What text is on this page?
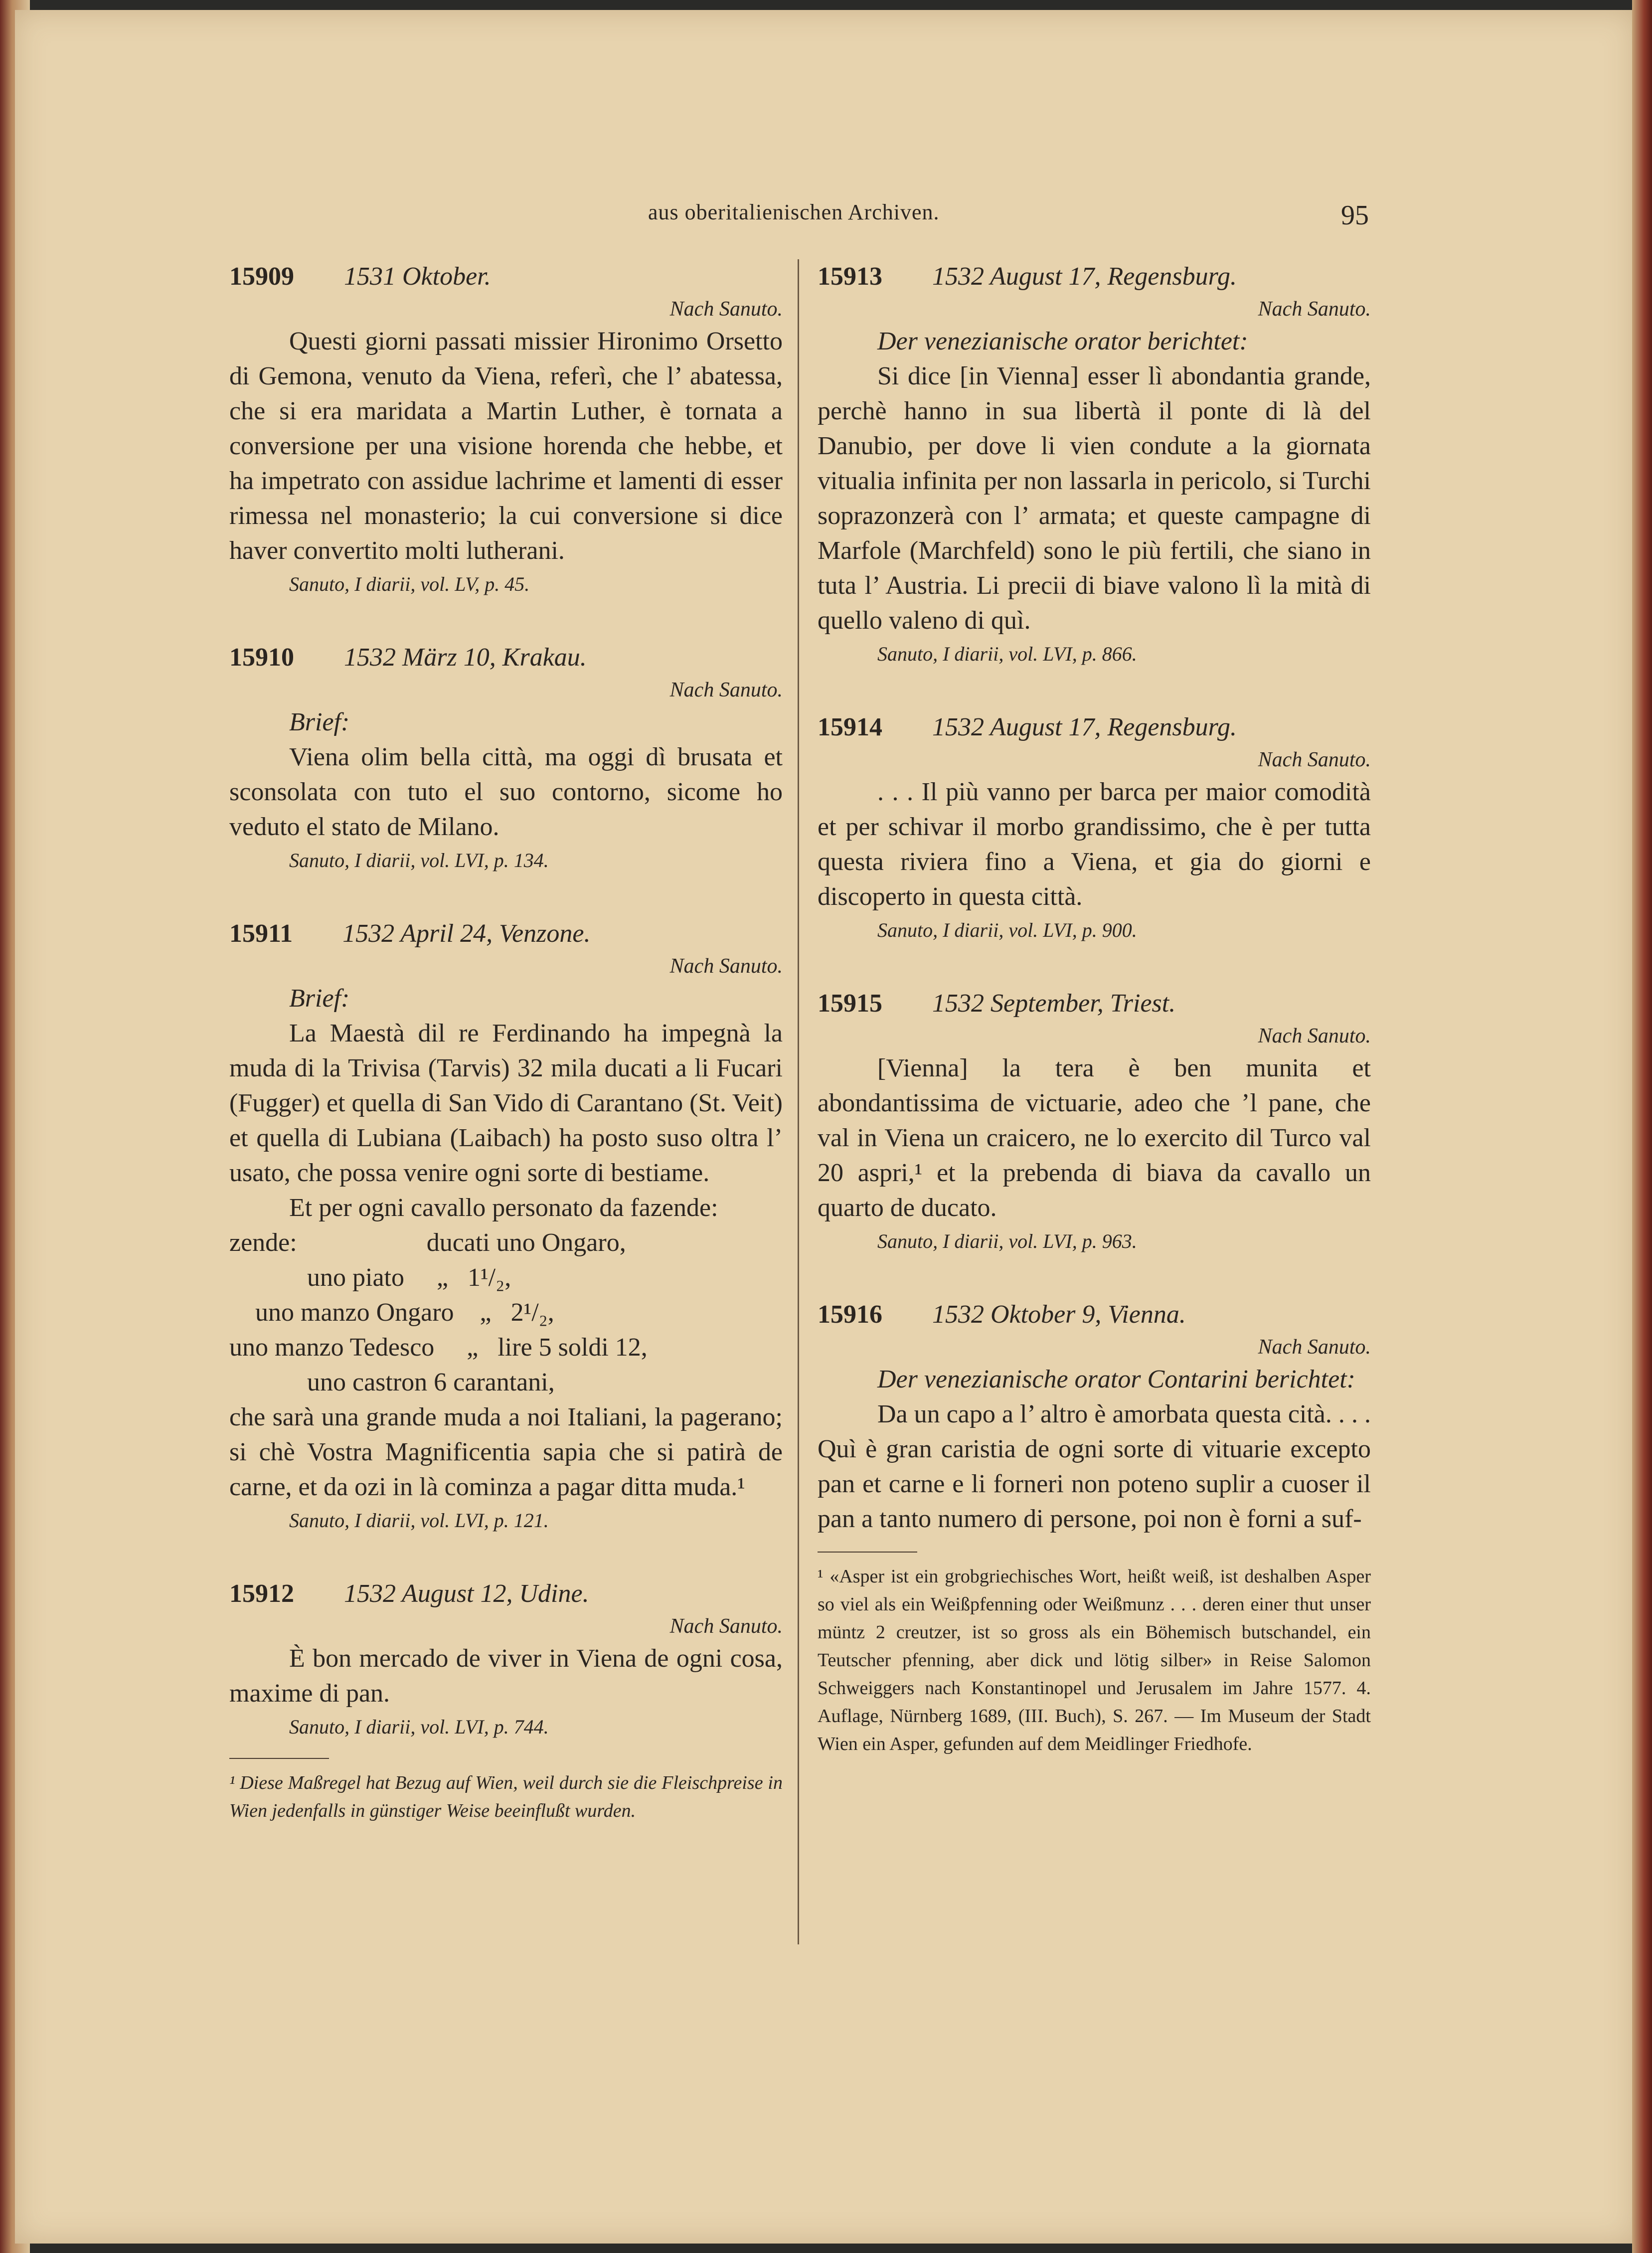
aus oberitalienischen Archiven.	95
15909 1531 Oktober.
Nach Sanuto.

Questi giorni passati missier Hironimo Orsetto di Gemona, venuto da Viena, referì, che l’ abatessa, che si era maridata a Martin Luther, è tornata a conversione per una visione horenda che hebbe, et ha impetrato con assidue lachrime et lamenti di esser rimessa nel monasterio; la cui conversione si dice haver convertito molti lutherani.

Sanuto, I diarii, vol. LV, p. 45.
15910 1532 März 10, Krakau.
Nach Sanuto.
Brief:

Viena olim bella città, ma oggi dì brusata et sconsolata con tuto el suo contorno, sicome ho veduto el stato de Milano.

Sanuto, I diarii, vol. LVI, p. 134.
15911 1532 April 24, Venzone.
Nach Sanuto.
Brief:

La Maestà dil re Ferdinando ha impegnà la muda di la Trivisa (Tarvis) 32 mila ducati a li Fucari (Fugger) et quella di San Vido di Carantano (St. Veit) et quella di Lubiana (Laibach) ha posto suso oltra l’ usato, che possa venire ogni sorte di bestiame.

Et per ogni cavallo personato da fazende:

zende:                    ducati uno Ongaro,
uno piato     „   1¹/₂,
uno manzo Ongaro    „   2¹/₂,
uno manzo Tedesco     „   lire 5 soldi 12,
uno castron 6 carantani,

che sarà una grande muda a noi Italiani, la pagerano; si chè Vostra Magnificentia sapia che si patirà de carne, et da ozi in là cominza a pagar ditta muda.¹

Sanuto, I diarii, vol. LVI, p. 121.
15912 1532 August 12, Udine.
Nach Sanuto.

È bon mercado de viver in Viena de ogni cosa, maxime di pan.

Sanuto, I diarii, vol. LVI, p. 744.
¹ Diese Maßregel hat Bezug auf Wien, weil durch sie die Fleischpreise in Wien jedenfalls in günstiger Weise beeinflußt wurden.
15913 1532 August 17, Regensburg.
Nach Sanuto.
Der venezianische orator berichtet:

Si dice [in Vienna] esser lì abondantia grande, perchè hanno in sua libertà il ponte di là del Danubio, per dove li vien condute a la giornata vitualia infinita per non lassarla in pericolo, si Turchi soprazonzerà con l’ armata; et queste campagne di Marfole (Marchfeld) sono le più fertili, che siano in tuta l’ Austria. Li precii di biave valono lì la mità di quello valeno di quì.

Sanuto, I diarii, vol. LVI, p. 866.
15914 1532 August 17, Regensburg.
Nach Sanuto.

. . . Il più vanno per barca per maior comodità et per schivar il morbo grandissimo, che è per tutta questa riviera fino a Viena, et gia do giorni e discoperto in questa città.

Sanuto, I diarii, vol. LVI, p. 900.
15915 1532 September, Triest.
Nach Sanuto.

[Vienna] la tera è ben munita et abondantissima de victuarie, adeo che ’l pane, che val in Viena un craicero, ne lo exercito dil Turco val 20 aspri,¹ et la prebenda di biava da cavallo un quarto de ducato.

Sanuto, I diarii, vol. LVI, p. 963.
15916 1532 Oktober 9, Vienna.
Nach Sanuto.
Der venezianische orator Contarini berichtet:

Da un capo a l’ altro è amorbata questa cità. . . . Quì è gran caristia de ogni sorte di vituarie excepto pan et carne e li forneri non poteno suplir a cuoser il pan a tanto numero di persone, poi non è forni a suf-

¹ «Asper ist ein grobgriechisches Wort, heißt weiß, ist deshalben Asper so viel als ein Weißpfenning oder Weißmunz . . . deren einer thut unser müntz 2 creutzer, ist so gross als ein Böhemisch butschandel, ein Teutscher pfenning, aber dick und lötig silber» in Reise Salomon Schweiggers nach Konstantinopel und Jerusalem im Jahre 1577. 4. Auflage, Nürnberg 1689, (III. Buch), S. 267. — Im Museum der Stadt Wien ein Asper, gefunden auf dem Meidlinger Friedhofe.
